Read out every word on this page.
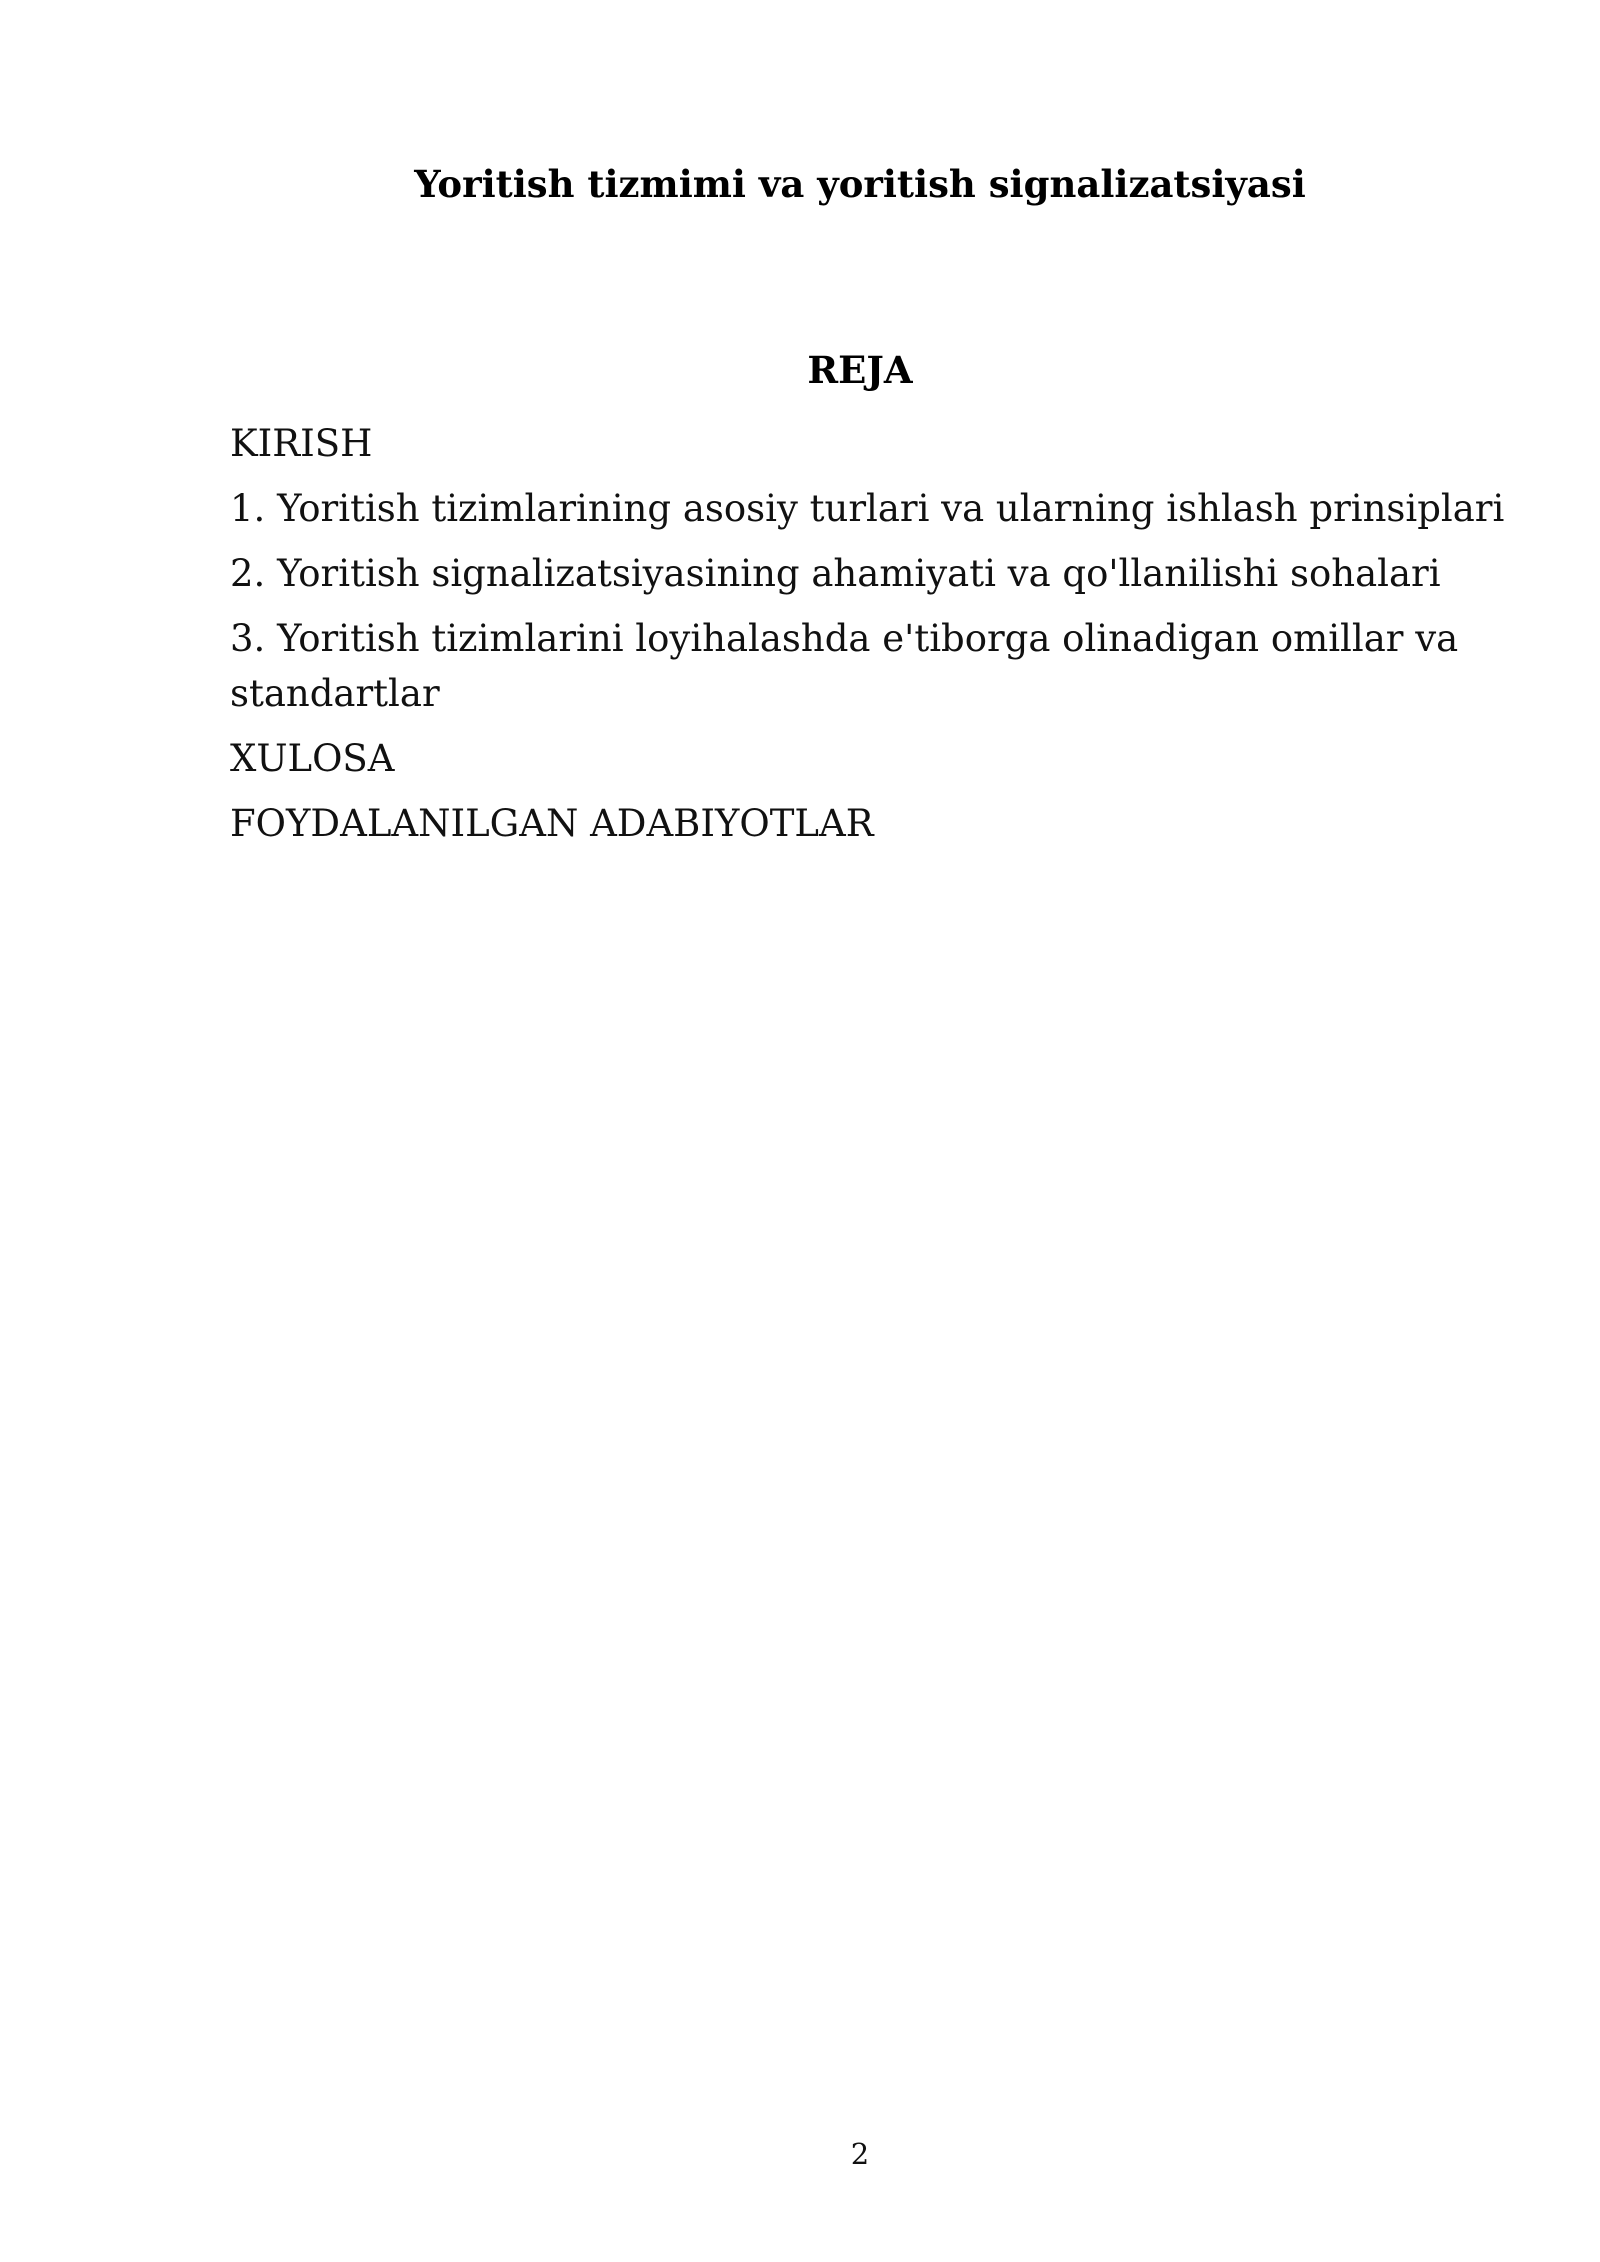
Yoritish tizmimi va yoritish signalizatsiyasi
REJA
KIRISH
1. Yoritish tizimlarining asosiy turlari va ularning ishlash prinsiplari
2. Yoritish signalizatsiyasining ahamiyati va qo'llanilishi sohalari
3. Yoritish tizimlarini loyihalashda e'tiborga olinadigan omillar va standartlar
XULOSA
FOYDALANILGAN ADABIYOTLAR
2
